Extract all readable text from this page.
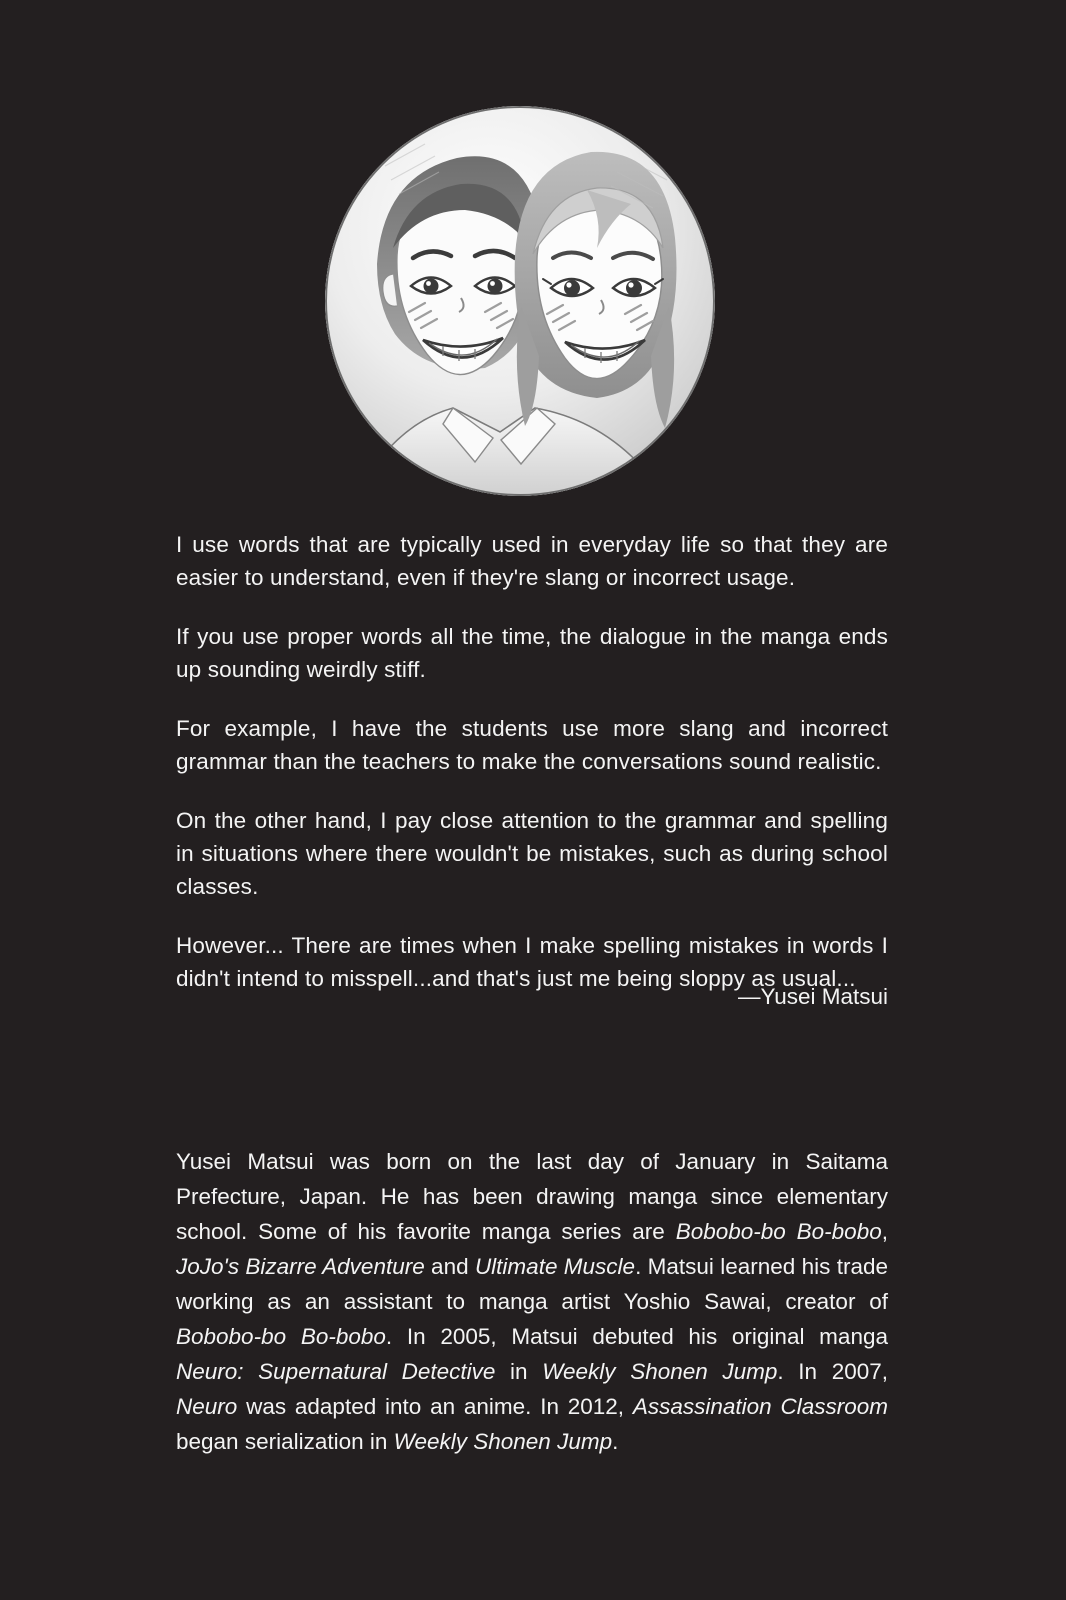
I use words that are typically used in everyday life so that they are easier to understand, even if they're slang or incorrect usage.

If you use proper words all the time, the dialogue in the manga ends up sounding weirdly stiff.

For example, I have the students use more slang and incorrect grammar than the teachers to make the conversations sound realistic.

On the other hand, I pay close attention to the grammar and spelling in situations where there wouldn't be mistakes, such as during school classes.

However... There are times when I make spelling mistakes in words I didn't intend to misspell...and that's just me being sloppy as usual...

—Yusei Matsui
Yusei Matsui was born on the last day of January in Saitama Prefecture, Japan. He has been drawing manga since elementary school. Some of his favorite manga series are Bobobo-bo Bo-bobo, JoJo's Bizarre Adventure and Ultimate Muscle. Matsui learned his trade working as an assistant to manga artist Yoshio Sawai, creator of Bobobo-bo Bo-bobo. In 2005, Matsui debuted his original manga Neuro: Supernatural Detective in Weekly Shonen Jump. In 2007, Neuro was adapted into an anime. In 2012, Assassination Classroom began serialization in Weekly Shonen Jump.
